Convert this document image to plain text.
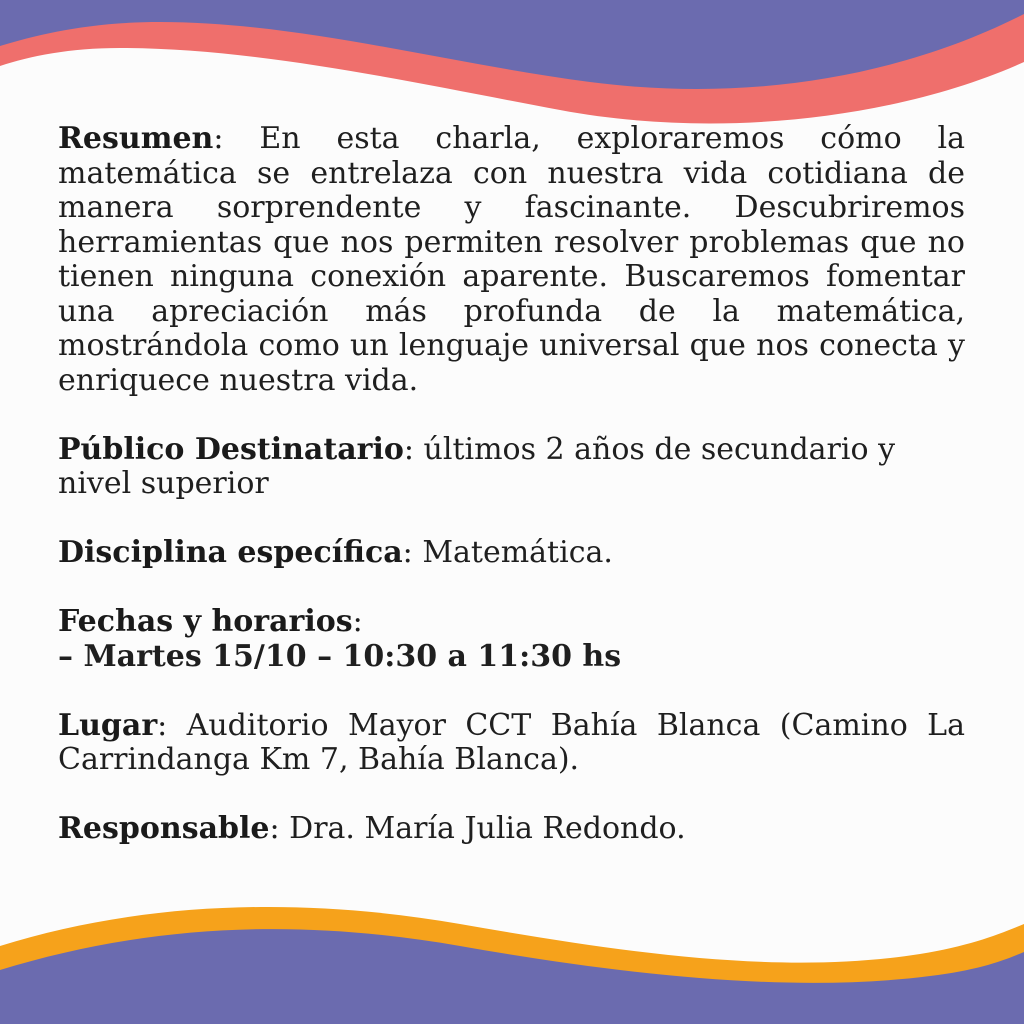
Resumen: En esta charla, exploraremos cómo la matemática se entrelaza con nuestra vida cotidiana de manera sorprendente y fascinante. Descubriremos herramientas que nos permiten resolver problemas que no tienen ninguna conexión aparente. Buscaremos fomentar una apreciación más profunda de la matemática, mostrándola como un lenguaje universal que nos conecta y enriquece nuestra vida.

Público Destinatario: últimos 2 años de secundario y nivel superior

Disciplina específica: Matemática.

Fechas y horarios:

– Martes 15/10 – 10:30 a 11:30 hs

Lugar: Auditorio Mayor CCT Bahía Blanca (Camino La Carrindanga Km 7, Bahía Blanca).

Responsable: Dra. María Julia Redondo.
